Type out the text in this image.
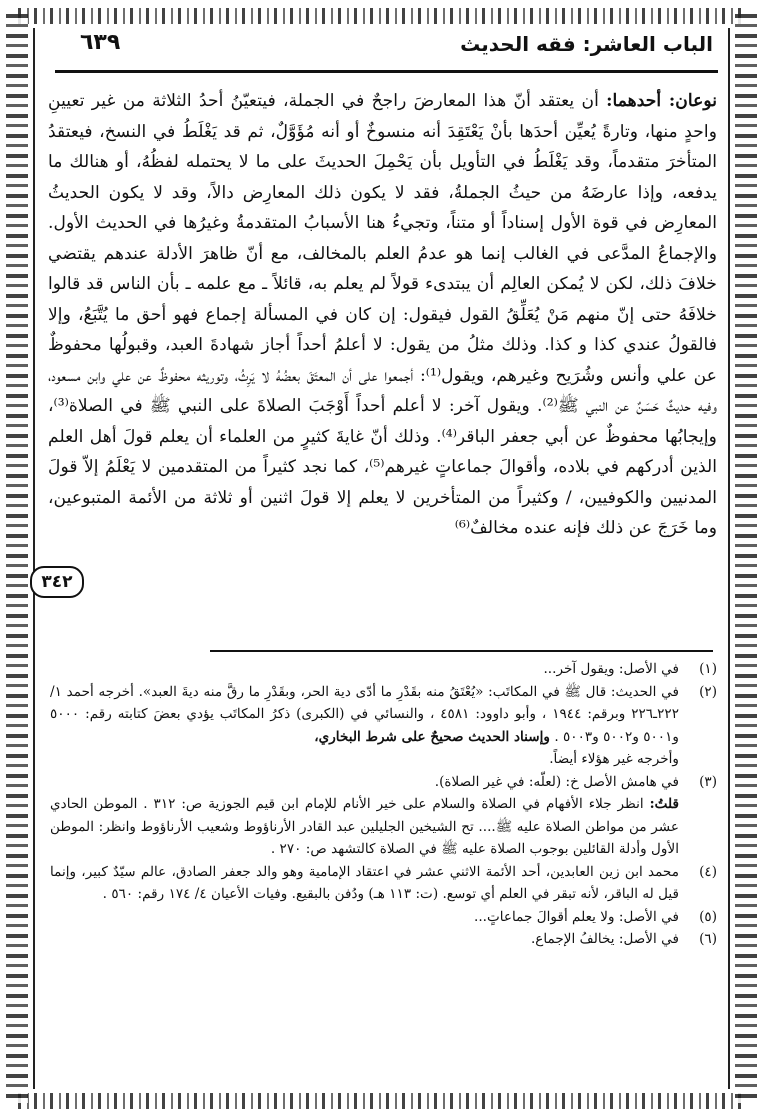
الباب العاشر: فقه الحديث
٦٣٩

نوعان: أحدهما: أن يعتقد أنّ هذا المعارضَ راجحٌ في الجملة، فيتعيّنُ أحدُ الثلاثة من غير تعيينِ واحدٍ منها، وتارةً يُعيِّن أحدَها بأنْ يَعْتَقِدَ أنه منسوخٌ أو أنه مُؤَوَّلٌ، ثم قد يَغْلَطُ في النسخ، فيعتقدُ المتأخرَ متقدماً، وقد يَغْلَطُ في التأويل بأن يَحْمِلَ الحديثَ على ما لا يحتمله لفظُهُ، أو هنالك ما يدفعه، وإذا عارضَهُ من حيثُ الجملةُ، فقد لا يكون ذلك المعارِض دالاً، وقد لا يكون الحديثُ المعارِض في قوة الأول إسناداً أو متناً، وتجيءُ هنا الأسبابُ المتقدمةُ وغيرُها في الحديث الأول. والإجماعُ المدَّعى في الغالب إنما هو عدمُ العلم بالمخالف، مع أنّ ظاهرَ الأدلة عندهم يقتضي خلافَ ذلك، لكن لا يُمكن العالِم أن يبتدىء قولاً لم يعلم به، قائلاً ـ مع علمه ـ بأن الناس قد قالوا خلافَهُ حتى إنّ منهم مَنْ يُعَلِّقُ القول فيقول: إن كان في المسألة إجماع فهو أحق ما يُتَّبَعُ، وإلا فالقولُ عندي كذا و كذا. وذلك مثلُ من يقول: لا أعلمُ أحداً أجاز شهادةَ العبد، وقبولُها محفوظٌ عن علي وأنس وشُرَيح وغيرهم، ويقول⁽¹⁾: أجمعوا على أن المعتَقَ بعضُهُ لا يَرِثُ، وتوريثه محفوظٌ عن علي وابن مسعود، وفيه حديثٌ حَسَنٌ عن النبي ﷺ⁽²⁾. ويقول آخر: لا أعلم أحداً أَوْجَبَ الصلاةَ على النبي ﷺ في الصلاة⁽³⁾، وإيجابُها محفوظٌ عن أبي جعفر الباقر⁽⁴⁾. وذلك أنّ غايةَ كثيرٍ من العلماء أن يعلم قولَ أهل العلم الذين أدركهم في بلاده، وأقوالَ جماعاتٍ غيرهم⁽⁵⁾، كما نجد كثيراً من المتقدمين لا يَعْلَمُ إلاّ قولَ المدنيين والكوفيين، / وكثيراً من المتأخرين لا يعلم إلا قولَ اثنين أو ثلاثة من الأئمة المتبوعين، وما خَرَجَ عن ذلك فإنه عنده مخالفٌ⁽⁶⁾

٣٤٢
(١)
في الأصل: ويقول آخر...
(٢)
في الحديث: قال ﷺ في المكاتَب: «يُعْتَقُ منه بقَدْرِ ما أدّى دية الحر، وبقَدْرِ ما رقَّ منه ديةَ العبد». أخرجه أحمد ١/ ٢٢٢ـ٢٢٦ وبرقم: ١٩٤٤ ، وأبو داوود: ٤٥٨١ ، والنسائي في (الكبرى) ذكرُ المكاتَب يؤدي بعضَ كتابته رقم: ٥٠٠٠ و٥٠٠١ و٥٠٠٢ و٥٠٠٣ . وإسناد الحديث صحيحٌ على شرط البخاري،

وأخرجه غير هؤلاء أيضاً.

(٣)

في هامش الأصل خ: (لعلّه: في غير الصلاة).

قلتُ: انظر جلاء الأفهام في الصلاة والسلام على خير الأنام للإمام ابن قيم الجوزية ص: ٣١٢ . الموطن الحادي عشر من مواطن الصلاة عليه ﷺ.... تح الشيخين الجليلين عبد القادر الأرناؤوط وشعيب الأرناؤوط وانظر: الموطن الأول وأدلة القائلين بوجوب الصلاة عليه ﷺ في الصلاة كالتشهد ص: ٢٧٠ .

(٤)
محمد ابن زين العابدين، أحد الأئمة الاثني عشر في اعتقاد الإمامية وهو والد جعفر الصادق، عالم سيّدٌ كبير، وإنما قيل له الباقر، لأنه تبقر في العلم أي توسع. (ت: ١١٣ هـ) ودُفن بالبقيع. وفيات الأعيان ٤/ ١٧٤ رقم: ٥٦٠ .
(٥)
في الأصل: ولا يعلم أقوالَ جماعاتٍ...
(٦)
في الأصل: يخالفُ الإجماع.
